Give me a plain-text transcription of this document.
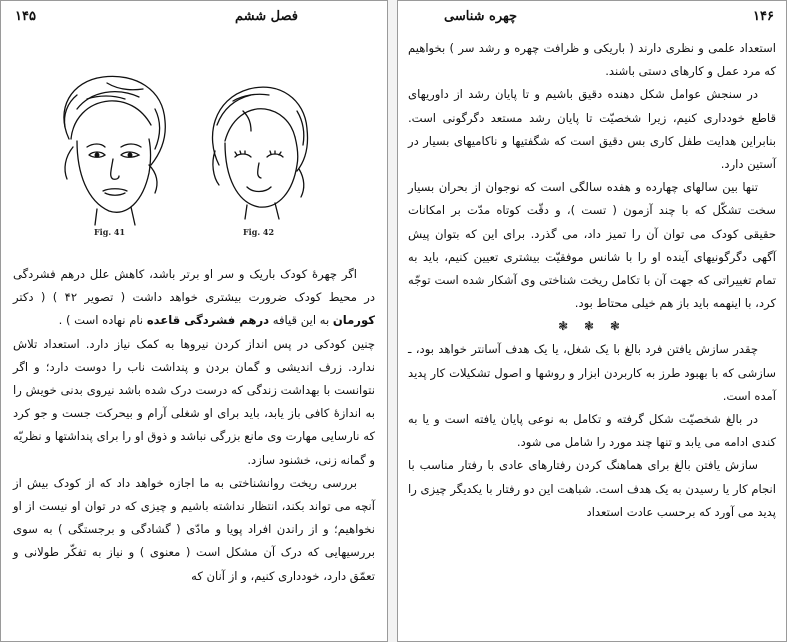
۱۴۵	فصل ششم
Fig. 41	Fig. 42

اگر چهرهٔ کودک باریک و سر او برتر باشد، کاهش علل درهم فشردگی در محیط کودک ضرورت بیشتری خواهد داشت ( تصویر ۴۲ ) ( دکتر کورمان به این قیافه درهم فشردگی قاعده نام نهاده است ) .

چنین کودکی در پس انداز کردن نیروها به کمک نیاز دارد. استعداد تلاش ندارد. زرف اندیشی و گمان بردن و پنداشت ناب را دوست دارد؛ و اگر نتوانست با بهداشت زندگی که درست درک شده باشد نیروی بدنی خویش را به اندازهٔ کافی باز یابد، باید برای او شغلی آرام و بیحرکت جست و جو کرد که نارسایی مهارت وی مانع بزرگی نباشد و ذوق او را برای پنداشتها و نظریّه و گمانه زنی، خشنود سازد.

بررسی ریخت روانشناختی به ما اجازه خواهد داد که از کودک بیش از آنچه می تواند بکند، انتظار نداشته باشیم و چیزی که در توان او نیست از او نخواهیم؛ و از راندن افراد پویا و مادّی ( گشادگی و برجستگی ) به سوی بررسیهایی که درک آن مشکل است ( معنوی ) و نیاز به تفکّر طولانی و تعمّق دارد، خودداری کنیم، و از آنان که

چهره شناسی	۱۴۶

استعداد علمی و نظری دارند ( باریکی و ظرافت چهره و رشد سر ) بخواهیم که مرد عمل و کارهای دستی باشند.

در سنجش عوامل شکل دهنده دقیق باشیم و تا پایان رشد از داوریهای قاطع خودداری کنیم، زیرا شخصیّت تا پایان رشد مستعد دگرگونی است. بنابراین هدایت طفل کاری بس دقیق است که شگفتیها و ناکامیهای بسیار در آستین دارد.

تنها بین سالهای چهارده و هفده سالگی است که نوجوان از بحران بسیار سخت تشکّل که با چند آزمون ( تست )، و دقّت کوتاه مدّت بر امکانات حقیقی کودک می توان آن را تمیز داد، می گذرد. برای این که بتوان پیش آگهی دگرگونیهای آینده او را با شانس موفقیّت بیشتری تعیین کنیم، باید به تمام تغییراتی که جهت آن با تکامل ریخت شناختی وی آشکار شده است توجّه کرد، با اینهمه باید باز هم خیلی محتاط بود.

❃ ❃ ❃

چقدر سازش یافتن فرد بالغ با یک شغل، یا یک هدف آسانتر خواهد بود، ـ سازشی که با بهبود طرز به کاربردن ابزار و روشها و اصول تشکیلات کار پدید آمده است.

در بالغ شخصیّت شکل گرفته و تکامل به نوعی پایان یافته است و یا به کندی ادامه می یابد و تنها چند مورد را شامل می شود.

سازش یافتن بالغ برای هماهنگ کردن رفتارهای عادی با رفتار مناسب با انجام کار یا رسیدن به یک هدف است. شباهت این دو رفتار با یکدیگر چیزی را پدید می آورد که برحسب عادت استعداد
